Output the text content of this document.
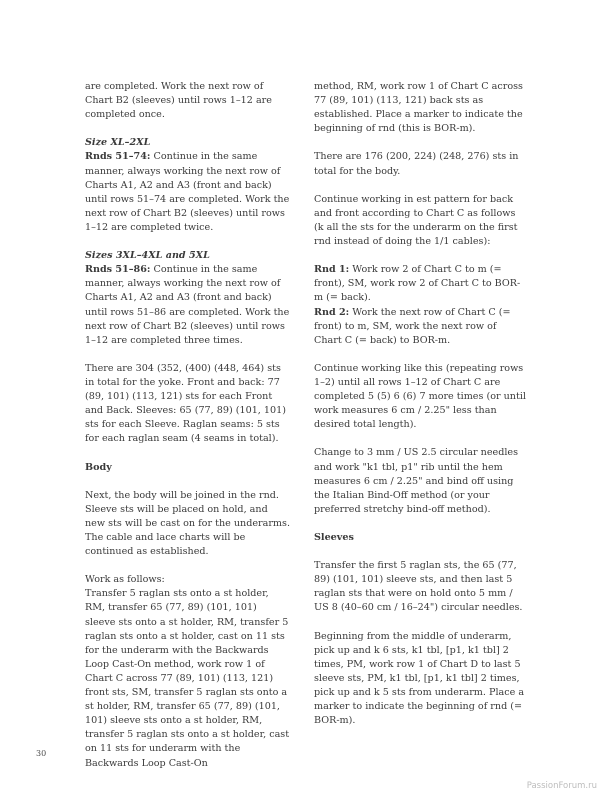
are completed. Work the next row of Chart B2 (sleeves) until rows 1–12 are completed once.

Size XL–2XL

Rnds 51–74: Continue in the same manner, always working the next row of Charts A1, A2 and A3 (front and back) until rows 51–74 are completed. Work the next row of Chart B2 (sleeves) until rows 1–12 are completed twice.

Sizes 3XL–4XL and 5XL

Rnds 51–86: Continue in the same manner, always working the next row of Charts A1, A2 and A3 (front and back) until rows 51–86 are completed. Work the next row of Chart B2 (sleeves) until rows 1–12 are completed three times.

There are 304 (352, (400) (448, 464) sts in total for the yoke. Front and back: 77 (89, 101) (113, 121) sts for each Front and Back. Sleeves: 65 (77, 89) (101, 101) sts for each Sleeve. Raglan seams: 5 sts for each raglan seam (4 seams in total).

Body

Next, the body will be joined in the rnd. Sleeve sts will be placed on hold, and new sts will be cast on for the underarms. The cable and lace charts will be continued as established.

Work as follows:
Transfer 5 raglan sts onto a st holder, RM, transfer 65 (77, 89) (101, 101) sleeve sts onto a st holder, RM, transfer 5 raglan sts onto a st holder, cast on 11 sts for the underarm with the Backwards Loop Cast-On method, work row 1 of Chart C across 77 (89, 101) (113, 121) front sts, SM, transfer 5 raglan sts onto a st holder, RM, transfer 65 (77, 89) (101, 101) sleeve sts onto a st holder, RM, transfer 5 raglan sts onto a st holder, cast on 11 sts for underarm with the Backwards Loop Cast-On

method, RM, work row 1 of Chart C across 77 (89, 101) (113, 121) back sts as established. Place a marker to indicate the beginning of rnd (this is BOR-m).

There are 176 (200, 224) (248, 276) sts in total for the body.

Continue working in est pattern for back and front according to Chart C as follows (k all the sts for the underarm on the first rnd instead of doing the 1/1 cables):

Rnd 1: Work row 2 of Chart C to m (= front), SM, work row 2 of Chart C to BOR-m (= back).

Rnd 2: Work the next row of Chart C (= front) to m, SM, work the next row of Chart C (= back) to BOR-m.

Continue working like this (repeating rows 1–2) until all rows 1–12 of Chart C are completed 5 (5) 6 (6) 7 more times (or until work measures 6 cm / 2.25" less than desired total length).

Change to 3 mm / US 2.5 circular needles and work "k1 tbl, p1" rib until the hem measures 6 cm / 2.25" and bind off using the Italian Bind-Off method (or your preferred stretchy bind-off method).

Sleeves

Transfer the first 5 raglan sts, the 65 (77, 89) (101, 101) sleeve sts, and then last 5 raglan sts that were on hold onto 5 mm / US 8 (40–60 cm / 16–24") circular needles.

Beginning from the middle of underarm, pick up and k 6 sts, k1 tbl, [p1, k1 tbl] 2 times, PM, work row 1 of Chart D to last 5 sleeve sts, PM, k1 tbl, [p1, k1 tbl] 2 times, pick up and k 5 sts from underarm. Place a marker to indicate the beginning of rnd (= BOR-m).

30
PassionForum.ru
